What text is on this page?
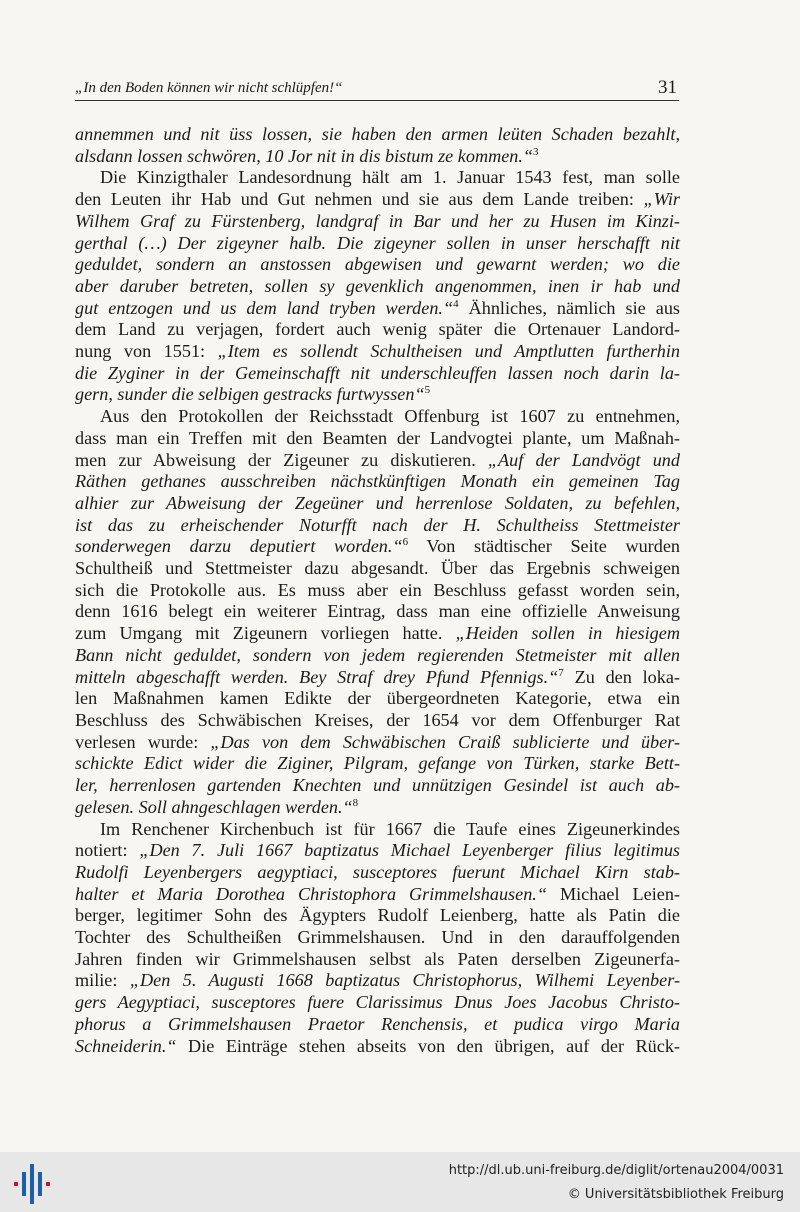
„In den Boden können wir nicht schlüpfen!“	31
annemmen und nit üss lossen, sie haben den armen leüten Schaden bezahlt,
alsdann lossen schwören, 10 Jor nit in dis bistum ze kommen.“$^3$
Die Kinzigthaler Landesordnung hält am 1. Januar 1543 fest, man solle
den Leuten ihr Hab und Gut nehmen und sie aus dem Lande treiben: „Wir
Wilhem Graf zu Fürstenberg, landgraf in Bar und her zu Husen im Kinzi-
gerthal (…) Der zigeyner halb. Die zigeyner sollen in unser herschafft nit
geduldet, sondern an anstossen abgewisen und gewarnt werden; wo die
aber daruber betreten, sollen sy gevenklich angenommen, inen ir hab und
gut entzogen und us dem land tryben werden.“$^4$ Ähnliches, nämlich sie aus
dem Land zu verjagen, fordert auch wenig später die Ortenauer Landord-
nung von 1551: „Item es sollendt Schultheisen und Amptlutten furtherhin
die Zyginer in der Gemeinschafft nit underschleuffen lassen noch darin la-
gern, sunder die selbigen gestracks furtwyssen“$^5$
Aus den Protokollen der Reichsstadt Offenburg ist 1607 zu entnehmen,
dass man ein Treffen mit den Beamten der Landvogtei plante, um Maßnah-
men zur Abweisung der Zigeuner zu diskutieren. „Auf der Landvögt und
Räthen gethanes ausschreiben nächstkünftigen Monath ein gemeinen Tag
alhier zur Abweisung der Zegeüner und herrenlose Soldaten, zu befehlen,
ist das zu erheischender Noturfft nach der H. Schultheiss Stettmeister
sonderwegen darzu deputiert worden.“$^6$ Von städtischer Seite wurden
Schultheiß und Stettmeister dazu abgesandt. Über das Ergebnis schweigen
sich die Protokolle aus. Es muss aber ein Beschluss gefasst worden sein,
denn 1616 belegt ein weiterer Eintrag, dass man eine offizielle Anweisung
zum Umgang mit Zigeunern vorliegen hatte. „Heiden sollen in hiesigem
Bann nicht geduldet, sondern von jedem regierenden Stetmeister mit allen
mitteln abgeschafft werden. Bey Straf drey Pfund Pfennigs.“$^7$ Zu den loka-
len Maßnahmen kamen Edikte der übergeordneten Kategorie, etwa ein
Beschluss des Schwäbischen Kreises, der 1654 vor dem Offenburger Rat
verlesen wurde: „Das von dem Schwäbischen Craiß sublicierte und über-
schickte Edict wider die Ziginer, Pilgram, gefange von Türken, starke Bett-
ler, herrenlosen gartenden Knechten und unnützigen Gesindel ist auch ab-
gelesen. Soll ahngeschlagen werden.“$^8$
Im Renchener Kirchenbuch ist für 1667 die Taufe eines Zigeunerkindes
notiert: „Den 7. Juli 1667 baptizatus Michael Leyenberger filius legitimus
Rudolfi Leyenbergers aegyptiaci, susceptores fuerunt Michael Kirn stab-
halter et Maria Dorothea Christophora Grimmelshausen.“ Michael Leien-
berger, legitimer Sohn des Ägypters Rudolf Leienberg, hatte als Patin die
Tochter des Schultheißen Grimmelshausen. Und in den darauffolgenden
Jahren finden wir Grimmelshausen selbst als Paten derselben Zigeunerfa-
milie: „Den 5. Augusti 1668 baptizatus Christophorus, Wilhemi Leyenber-
gers Aegyptiaci, susceptores fuere Clarissimus Dnus Joes Jacobus Christo-
phorus a Grimmelshausen Praetor Renchensis, et pudica virgo Maria
Schneiderin.“ Die Einträge stehen abseits von den übrigen, auf der Rück-
http://dl.ub.uni-freiburg.de/diglit/ortenau2004/0031
© Universitätsbibliothek Freiburg
